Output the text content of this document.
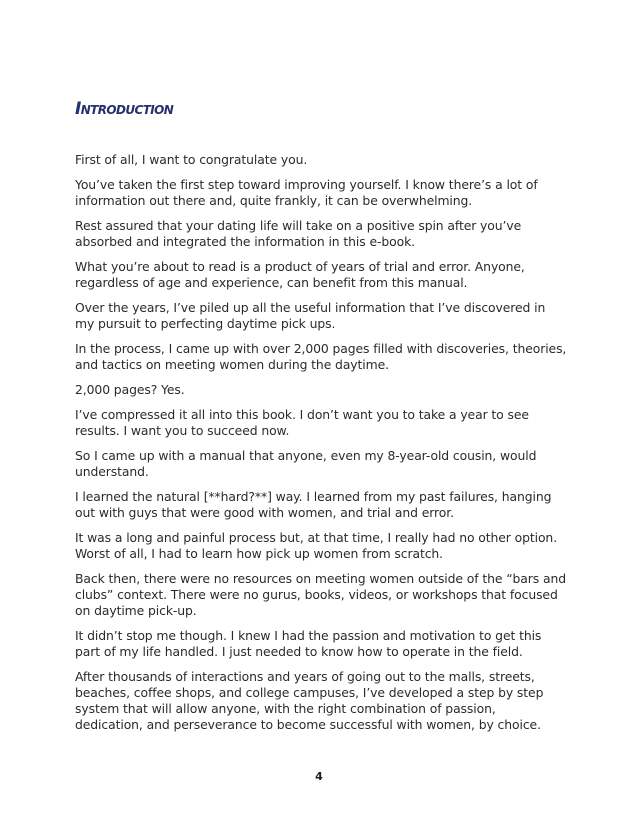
Introduction

First of all, I want to congratulate you.

You’ve taken the first step toward improving yourself. I know there’s a lot of information out there and, quite frankly, it can be overwhelming.

Rest assured that your dating life will take on a positive spin after you’ve absorbed and integrated the information in this e-book.

What you’re about to read is a product of years of trial and error. Anyone, regardless of age and experience, can benefit from this manual.

Over the years, I’ve piled up all the useful information that I’ve discovered in my pursuit to perfecting daytime pick ups.

In the process, I came up with over 2,000 pages filled with discoveries, theories, and tactics on meeting women during the daytime.

2,000 pages? Yes.

I’ve compressed it all into this book. I don’t want you to take a year to see results. I want you to succeed now.

So I came up with a manual that anyone, even my 8-year-old cousin, would understand.

I learned the natural [**hard?**] way. I learned from my past failures, hanging out with guys that were good with women, and trial and error.

It was a long and painful process but, at that time, I really had no other option. Worst of all, I had to learn how pick up women from scratch.

Back then, there were no resources on meeting women outside of the “bars and clubs” context. There were no gurus, books, videos, or workshops that focused on daytime pick-up.

It didn’t stop me though. I knew I had the passion and motivation to get this part of my life handled. I just needed to know how to operate in the field.

After thousands of interactions and years of going out to the malls, streets, beaches, coffee shops, and college campuses, I’ve developed a step by step system that will allow anyone, with the right combination of passion, dedication, and perseverance to become successful with women, by choice.

4
